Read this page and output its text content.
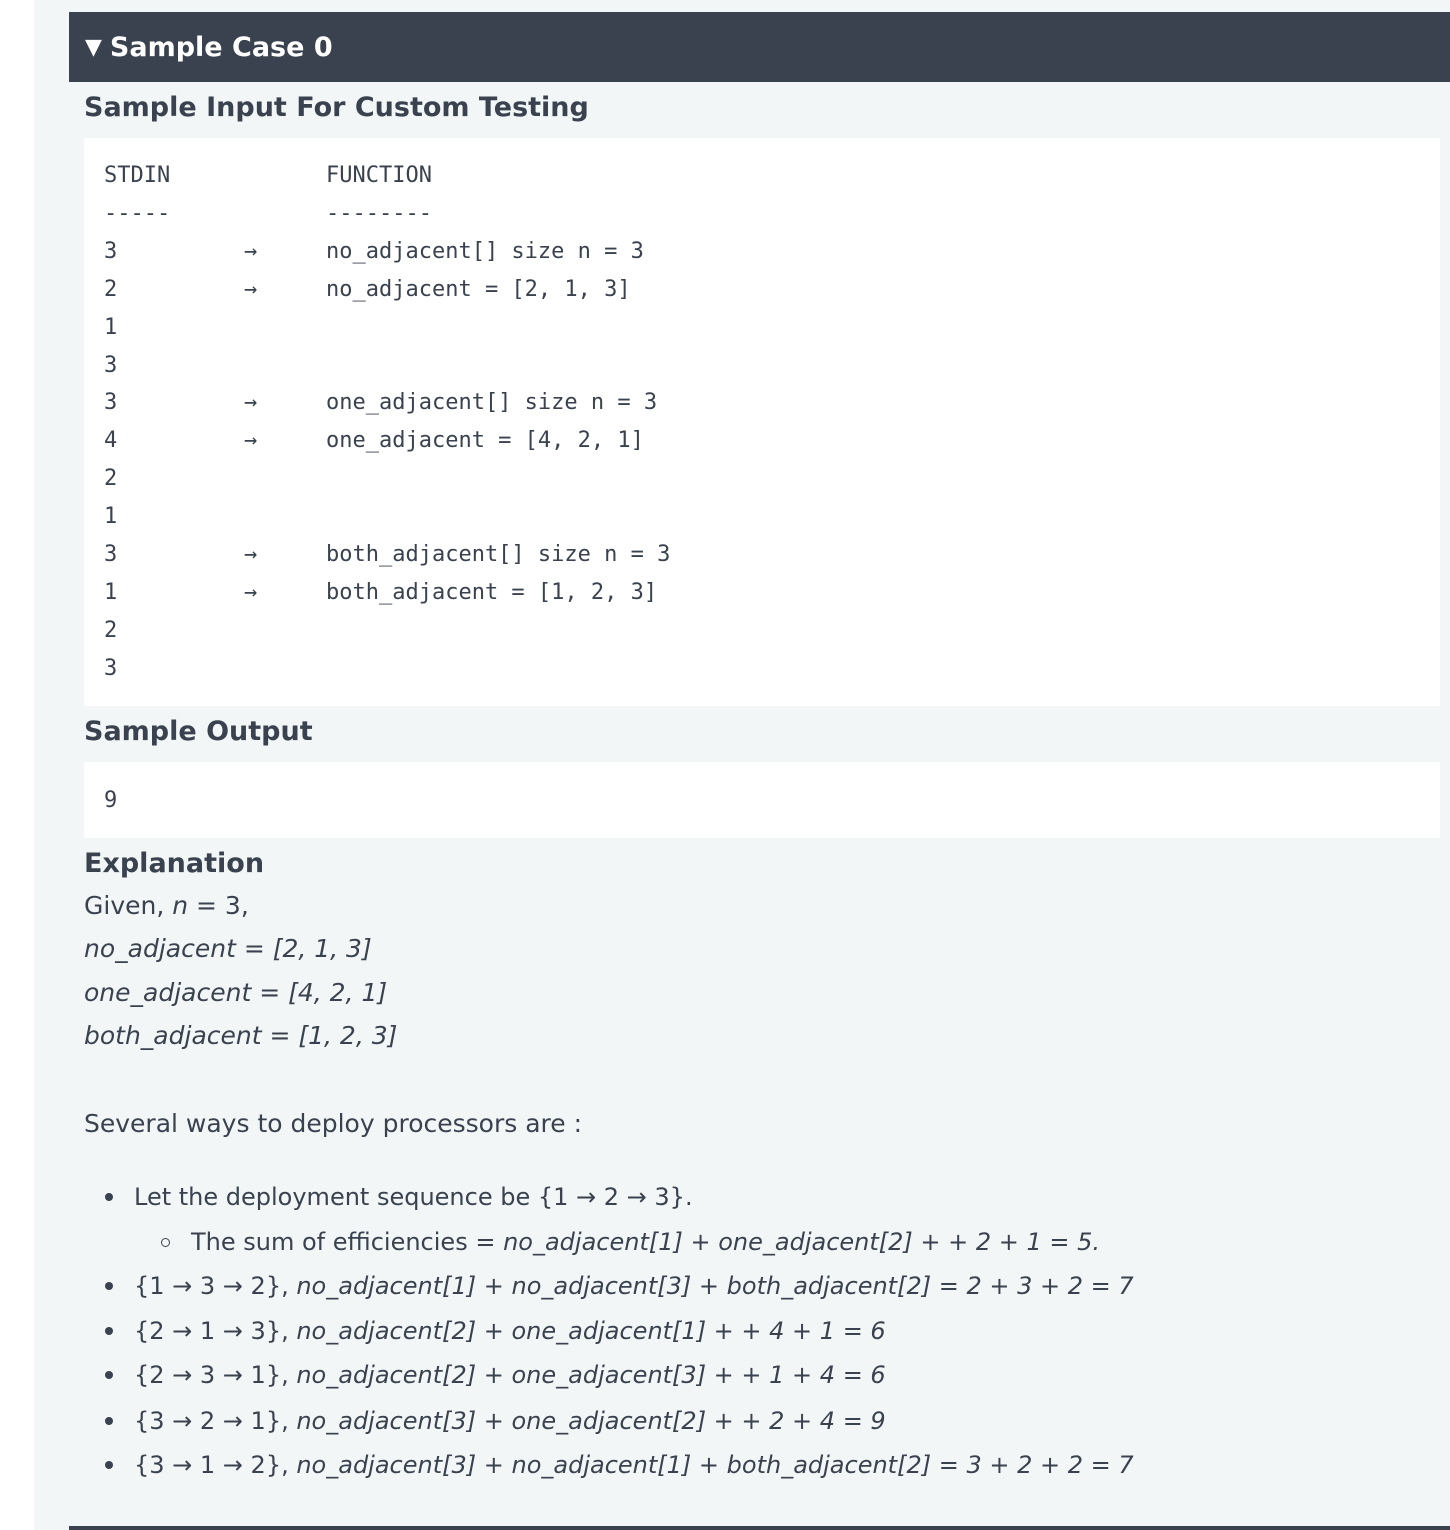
▼ Sample Case 0
Sample Input For Custom Testing
STDIN	FUNCTION
-----	--------
3	→	no_adjacent[] size n = 3
2	→	no_adjacent = [2, 1, 3]
1
3
3	→	one_adjacent[] size n = 3
4	→	one_adjacent = [4, 2, 1]
2
1
3	→	both_adjacent[] size n = 3
1	→	both_adjacent = [1, 2, 3]
2
3
Sample Output
9
Explanation
Given, n = 3,
no_adjacent = [2, 1, 3]
one_adjacent = [4, 2, 1]
both_adjacent = [1, 2, 3]
Several ways to deploy processors are :
Let the deployment sequence be {1 → 2 → 3}.
The sum of efficiencies = no_adjacent[1] + one_adjacent[2] + + 2 + 1 = 5.
{1 → 3 → 2}, no_adjacent[1] + no_adjacent[3] + both_adjacent[2] = 2 + 3 + 2 = 7
{2 → 1 → 3}, no_adjacent[2] + one_adjacent[1] + + 4 + 1 = 6
{2 → 3 → 1}, no_adjacent[2] + one_adjacent[3] + + 1 + 4 = 6
{3 → 2 → 1}, no_adjacent[3] + one_adjacent[2] + + 2 + 4 = 9
{3 → 1 → 2}, no_adjacent[3] + no_adjacent[1] + both_adjacent[2] = 3 + 2 + 2 = 7
